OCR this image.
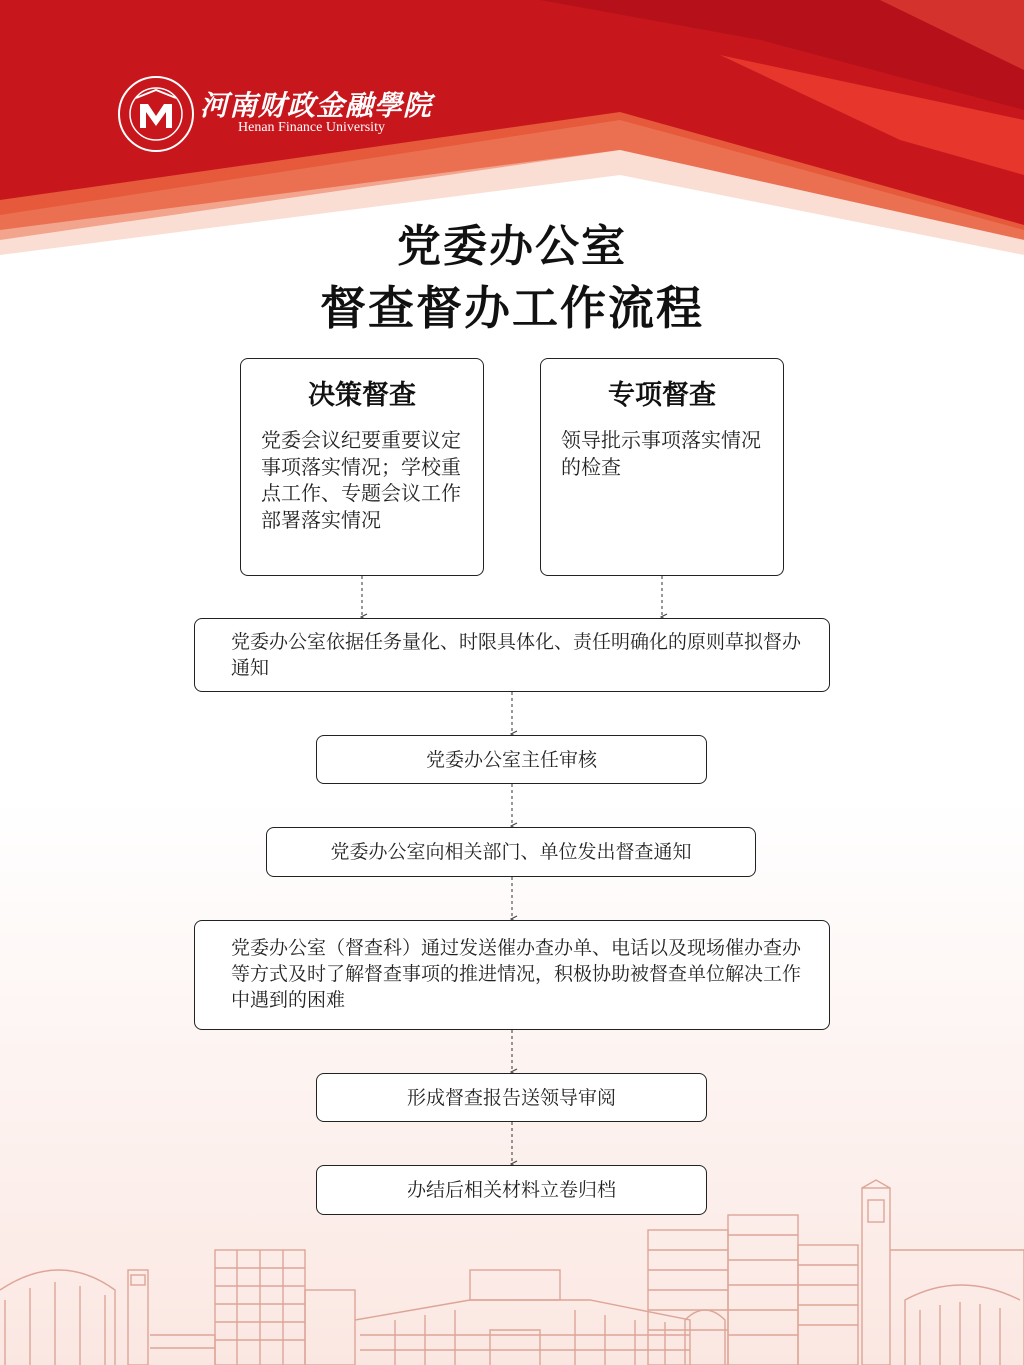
河南财政金融學院
Henan Finance University
党委办公室
督查督办工作流程
决策督查
党委会议纪要重要议定事项落实情况；学校重点工作、专题会议工作部署落实情况
专项督查
领导批示事项落实情况的检查
党委办公室依据任务量化、时限具体化、责任明确化的原则草拟督办通知
党委办公室主任审核
党委办公室向相关部门、单位发出督查通知
党委办公室（督查科）通过发送催办查办单、电话以及现场催办查办等方式及时了解督查事项的推进情况，积极协助被督查单位解决工作中遇到的困难
形成督查报告送领导审阅
办结后相关材料立卷归档
